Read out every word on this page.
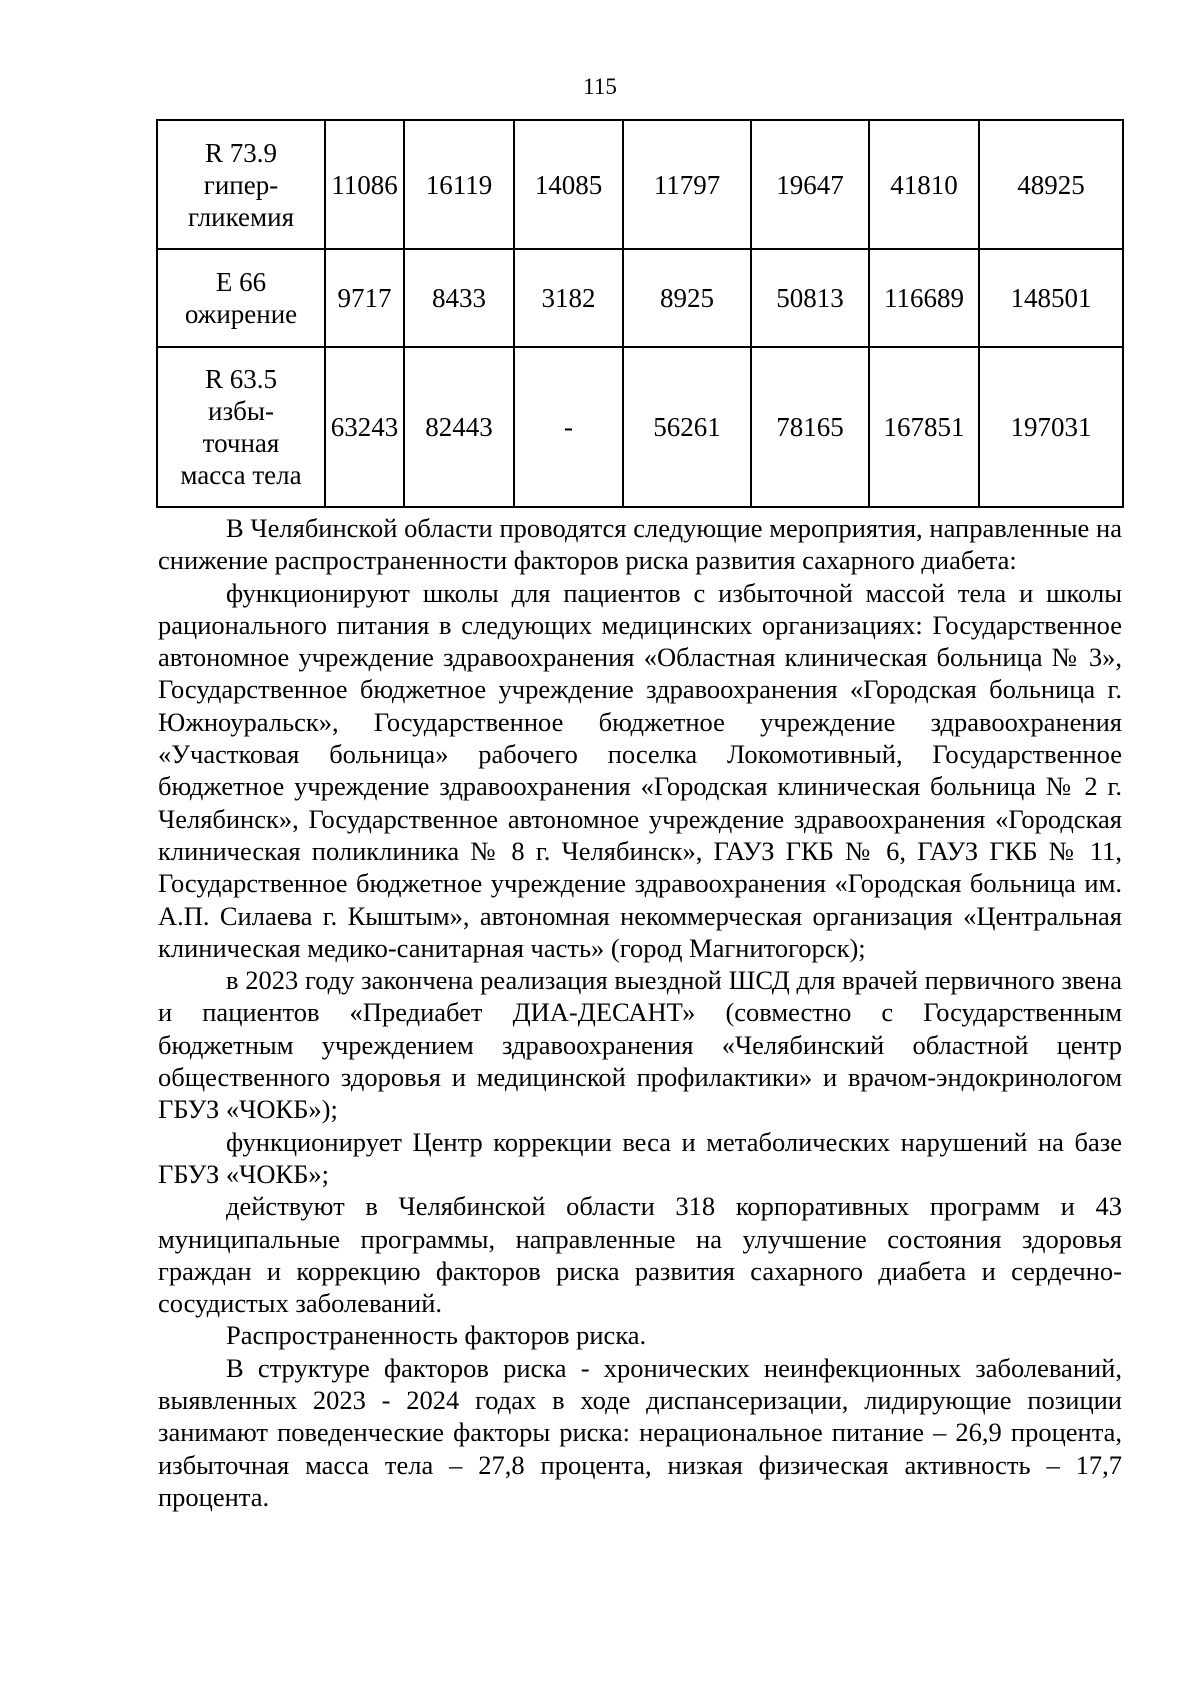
115
R 73.9
гипер-
гликемия	11086	16119	14085	11797	19647	41810	48925

Е 66
ожирение	9717	8433	3182	8925	50813	116689	148501

R 63.5
избы-
точная
масса тела	63243	82443	-	56261	78165	167851	197031

В Челябинской области проводятся следующие мероприятия, направленные на снижение распространенности факторов риска развития сахарного диабета:

функционируют школы для пациентов с избыточной массой тела и школы рационального питания в следующих медицинских организациях: Государственное автономное учреждение здравоохранения «Областная клиническая больница № 3», Государственное бюджетное учреждение здравоохранения «Городская больница г. Южноуральск», Государственное бюджетное учреждение здравоохранения «Участковая больница» рабочего поселка Локомотивный, Государственное бюджетное учреждение здравоохранения «Городская клиническая больница № 2 г. Челябинск», Государственное автономное учреждение здравоохранения «Городская клиническая поликлиника № 8 г. Челябинск», ГАУЗ ГКБ № 6, ГАУЗ ГКБ № 11, Государственное бюджетное учреждение здравоохранения «Городская больница им. А.П. Силаева г. Кыштым», автономная некоммерческая организация «Центральная клиническая медико-санитарная часть» (город Магнитогорск);

в 2023 году закончена реализация выездной ШСД для врачей первичного звена и пациентов «Предиабет ДИА-ДЕСАНТ» (совместно с Государственным бюджетным учреждением здравоохранения «Челябинский областной центр общественного здоровья и медицинской профилактики» и врачом-эндокринологом ГБУЗ «ЧОКБ»);

функционирует Центр коррекции веса и метаболических нарушений на базе ГБУЗ «ЧОКБ»;

действуют в Челябинской области 318 корпоративных программ и 43 муниципальные программы, направленные на улучшение состояния здоровья граждан и коррекцию факторов риска развития сахарного диабета и сердечно-сосудистых заболеваний.

Распространенность факторов риска.

В структуре факторов риска - хронических неинфекционных заболеваний, выявленных 2023 - 2024 годах в ходе диспансеризации, лидирующие позиции занимают поведенческие факторы риска: нерациональное питание – 26,9 процента, избыточная масса тела – 27,8 процента, низкая физическая активность – 17,7 процента.
